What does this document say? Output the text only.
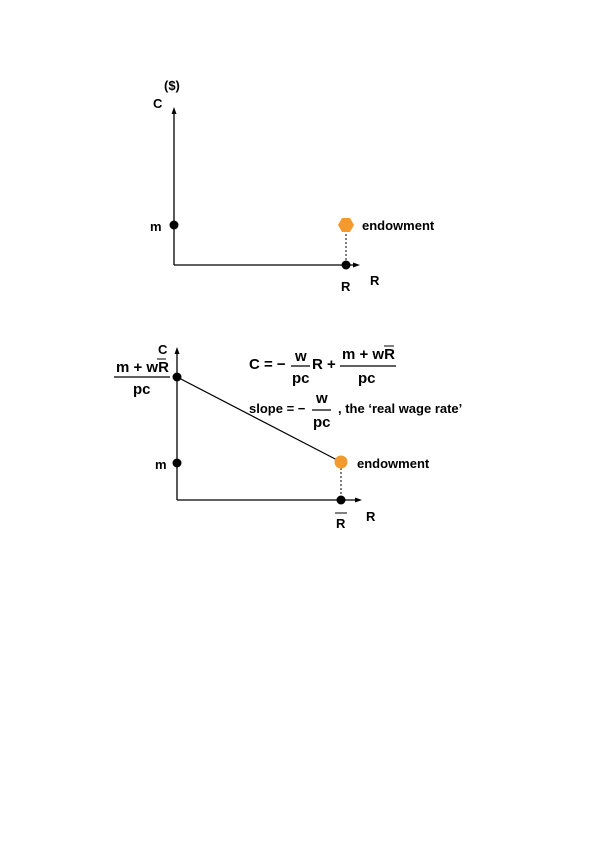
($)
C
R
m
R
endowment
C
R
m + wR
pc
m
R
endowment
C = − w
pc
R +
m + wR
pc
slope = −
w
pc
, the ‘real wage rate’
